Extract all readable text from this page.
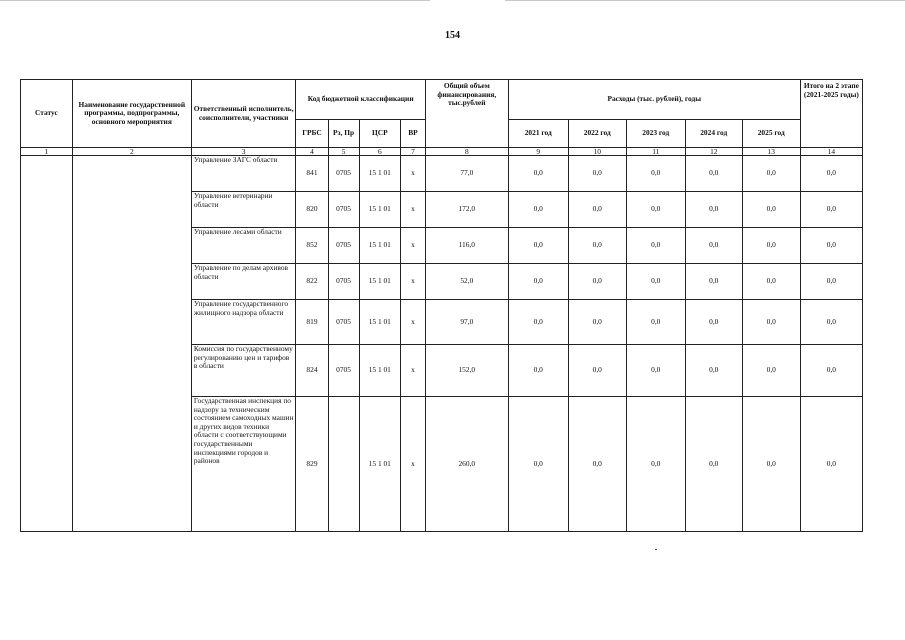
154
Статус	Наименование государственной программы, подпрограммы, основного мероприятия	Ответственный исполнитель, соисполнители, участники	Код бюджетной классификации				Общий объем финансирования, тыс.рублей	Расходы (тыс. рублей), годы					Итого на 2 этапе (2021-2025 годы)
			ГРБС	Рз, Пр	ЦСР	ВР		2021 год	2022 год	2023 год	2024 год	2025 год	
1	2	3	4	5	6	7	8	9	10	11	12	13	14
		Управление ЗАГС области	841	0705	15 1 01	х	77,0	0,0	0,0	0,0	0,0	0,0	0,0
		Управление ветеринарии области	820	0705	15 1 01	х	172,0	0,0	0,0	0,0	0,0	0,0	0,0
		Управление лесами области	852	0705	15 1 01	х	116,0	0,0	0,0	0,0	0,0	0,0	0,0
		Управление по делам архивов области	822	0705	15 1 01	х	52,0	0,0	0,0	0,0	0,0	0,0	0,0
		Управление государственного жилищного надзора области	819	0705	15 1 01	х	97,0	0,0	0,0	0,0	0,0	0,0	0,0
		Комиссия по государственному регулированию цен и тарифов в области	824	0705	15 1 01	х	152,0	0,0	0,0	0,0	0,0	0,0	0,0
		Государственная инспекция по надзору за техническим состоянием самоходных машин и других видов техники области с соответствующими государственными инспекциями городов и районов	829		15 1 01	х	260,0	0,0	0,0	0,0	0,0	0,0	0,0
